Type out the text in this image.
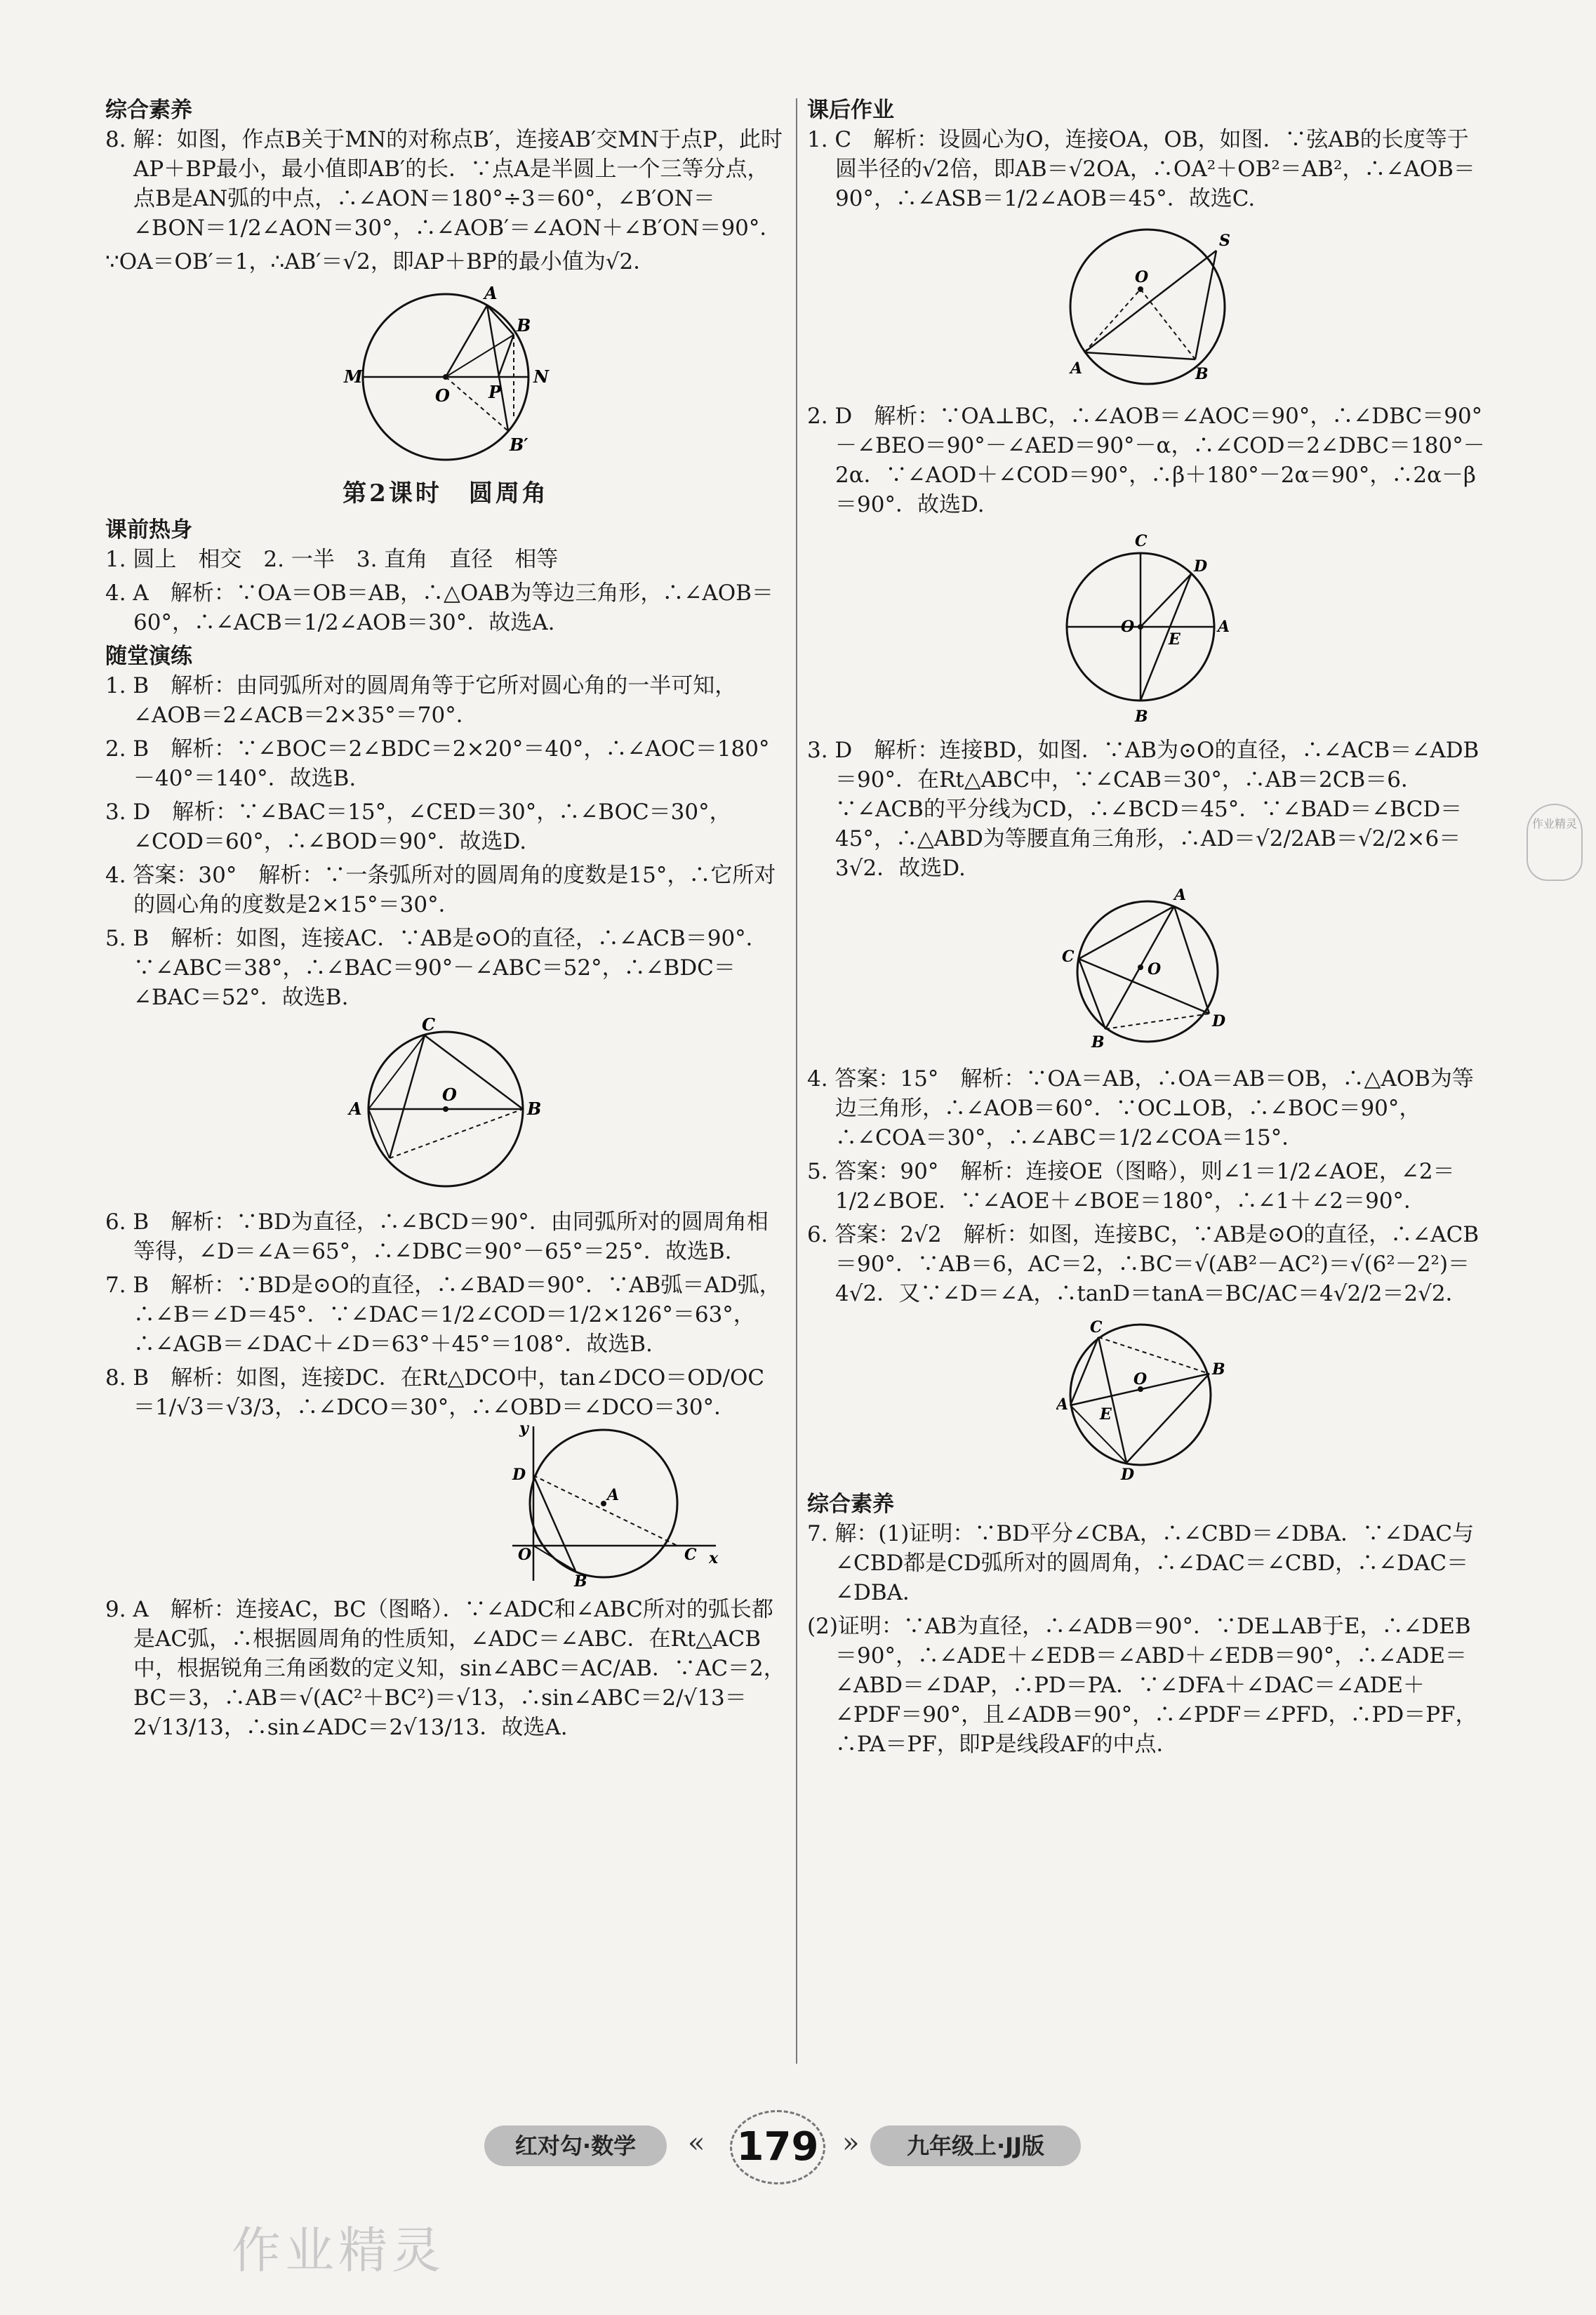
综合素养
8. 解：如图，作点B关于MN的对称点B′，连接AB′交MN于点P，此时AP＋BP最小，最小值即AB′的长．∵点A是半圆上一个三等分点，点B是AN弧的中点，∴∠AON＝180°÷3＝60°，∠B′ON＝∠BON＝1/2∠AON＝30°，∴∠AOB′＝∠AON＋∠B′ON＝90°．
∵OA＝OB′＝1，∴AB′＝√2，即AP＋BP的最小值为√2．
A
B
M	N
O P
B′
第2课时　圆周角
课前热身
1. 圆上　相交　2. 一半　3. 直角　直径　相等
4. A　解析：∵OA＝OB＝AB，∴△OAB为等边三角形，∴∠AOB＝60°，∴∠ACB＝1/2∠AOB＝30°．故选A.
随堂演练
1. B　解析：由同弧所对的圆周角等于它所对圆心角的一半可知，∠AOB＝2∠ACB＝2×35°＝70°．
2. B　解析：∵∠BOC＝2∠BDC＝2×20°＝40°，∴∠AOC＝180°－40°＝140°．故选B.
3. D　解析：∵∠BAC＝15°，∠CED＝30°，∴∠BOC＝30°，∠COD＝60°，∴∠BOD＝90°．故选D.
4. 答案：30°　解析：∵一条弧所对的圆周角的度数是15°，∴它所对的圆心角的度数是2×15°＝30°．
5. B　解析：如图，连接AC．∵AB是⊙O的直径，∴∠ACB＝90°．∵∠ABC＝38°，∴∠BAC＝90°－∠ABC＝52°，∴∠BDC＝∠BAC＝52°．故选B.
C
A	B
O
6. B　解析：∵BD为直径，∴∠BCD＝90°．由同弧所对的圆周角相等得，∠D＝∠A＝65°，∴∠DBC＝90°－65°＝25°．故选B.
7. B　解析：∵BD是⊙O的直径，∴∠BAD＝90°．∵AB弧＝AD弧，∴∠B＝∠D＝45°．∵∠DAC＝1/2∠COD＝1/2×126°＝63°，∴∠AGB＝∠DAC＋∠D＝63°＋45°＝108°．故选B.
8. B　解析：如图，连接DC．在Rt△DCO中，tan∠DCO＝OD/OC＝1/√3＝√3/3，∴∠DCO＝30°，∴∠OBD＝∠DCO＝30°．
x
y
D
A
C
O
B
9. A　解析：连接AC，BC（图略）．∵∠ADC和∠ABC所对的弧长都是AC弧，∴根据圆周角的性质知，∠ADC＝∠ABC．在Rt△ACB中，根据锐角三角函数的定义知，sin∠ABC＝AC/AB．∵AC＝2，BC＝3，∴AB＝√(AC²＋BC²)＝√13，∴sin∠ABC＝2/√13＝2√13/13，∴sin∠ADC＝2√13/13．故选A.
课后作业
1. C　解析：设圆心为O，连接OA，OB，如图．∵弦AB的长度等于圆半径的√2倍，即AB＝√2OA，∴OA²＋OB²＝AB²，∴∠AOB＝90°，∴∠ASB＝1/2∠AOB＝45°．故选C.
O
S
A	B
2. D　解析：∵OA⊥BC，∴∠AOB＝∠AOC＝90°，∴∠DBC＝90°－∠BEO＝90°－∠AED＝90°－α，∴∠COD＝2∠DBC＝180°－2α．∵∠AOD＋∠COD＝90°，∴β＋180°－2α＝90°，∴2α－β＝90°．故选D.
C
D
O
E
A
B
3. D　解析：连接BD，如图．∵AB为⊙O的直径，∴∠ACB＝∠ADB＝90°．在Rt△ABC中，∵∠CAB＝30°，∴AB＝2CB＝6．∵∠ACB的平分线为CD，∴∠BCD＝45°．∵∠BAD＝∠BCD＝45°，∴△ABD为等腰直角三角形，∴AD＝√2/2AB＝√2/2×6＝3√2．故选D.
A
C
O
B
D
4. 答案：15°　解析：∵OA＝AB，∴OA＝AB＝OB，∴△AOB为等边三角形，∴∠AOB＝60°．∵OC⊥OB，∴∠BOC＝90°，∴∠COA＝30°，∴∠ABC＝1/2∠COA＝15°．
5. 答案：90°　解析：连接OE（图略），则∠1＝1/2∠AOE，∠2＝1/2∠BOE．∵∠AOE＋∠BOE＝180°，∴∠1＋∠2＝90°．
6. 答案：2√2　解析：如图，连接BC，∵AB是⊙O的直径，∴∠ACB＝90°．∵AB＝6，AC＝2，∴BC＝√(AB²－AC²)＝√(6²－2²)＝4√2．又∵∠D＝∠A，∴tanD＝tanA＝BC/AC＝4√2/2＝2√2．
C
B
O
A
E
D
综合素养
7. 解：(1)证明：∵BD平分∠CBA，∴∠CBD＝∠DBA．∵∠DAC与∠CBD都是CD弧所对的圆周角，∴∠DAC＝∠CBD，∴∠DAC＝∠DBA．
(2)证明：∵AB为直径，∴∠ADB＝90°．∵DE⊥AB于E，∴∠DEB＝90°，∴∠ADE＋∠EDB＝∠ABD＋∠EDB＝90°，∴∠ADE＝∠ABD＝∠DAP，∴PD＝PA．∵∠DFA＋∠DAC＝∠ADE＋∠PDF＝90°，且∠ADB＝90°，∴∠PDF＝∠PFD，∴PD＝PF，∴PA＝PF，即P是线段AF的中点．
作业精灵
红对勾·数学	« 179 »	九年级上·JJ版
作业精灵
